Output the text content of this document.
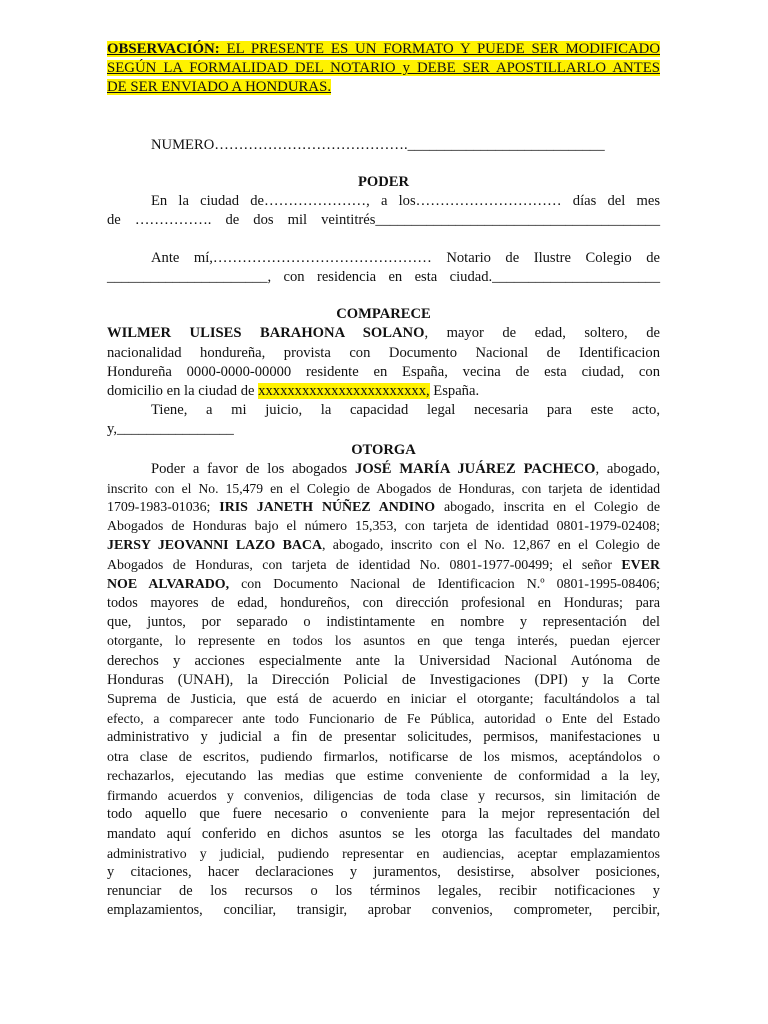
OBSERVACIÓN: EL PRESENTE ES UN FORMATO Y PUEDE SER MODIFICADO
SEGÚN LA FORMALIDAD DEL NOTARIO y DEBE SER APOSTILLARLO ANTES
DE SER ENVIADO A HONDURAS.
NUMERO………………………………….___________________________
PODER
En la ciudad de…………………, a los………………………… días del mes
de ……………. de dos mil veintitrés_______________________________________
Ante mí,……………………………………… Notario de Ilustre Colegio de
______________________, con residencia en esta ciudad._______________________
COMPARECE
WILMER ULISES BARAHONA SOLANO, mayor de edad, soltero, de
nacionalidad hondureña, provista con Documento Nacional de Identificacion
Hondureña 0000-0000-00000 residente en España, vecina de esta ciudad, con
domicilio en la ciudad de xxxxxxxxxxxxxxxxxxxxxxx, España.
Tiene, a mi juicio, la capacidad legal necesaria para este acto,
y,________________
OTORGA
Poder a favor de los abogados JOSÉ MARÍA JUÁREZ PACHECO, abogado,
inscrito con el No. 15,479 en el Colegio de Abogados de Honduras, con tarjeta de identidad
1709-1983-01036; IRIS JANETH NÚÑEZ ANDINO abogado, inscrita en el Colegio de
Abogados de Honduras bajo el número 15,353, con tarjeta de identidad 0801-1979-02408;
JERSY JEOVANNI LAZO BACA, abogado, inscrito con el No. 12,867 en el Colegio de
Abogados de Honduras, con tarjeta de identidad No. 0801-1977-00499; el señor EVER
NOE ALVARADO, con Documento Nacional de Identificacion N.º 0801-1995-08406;
todos mayores de edad, hondureños, con dirección profesional en Honduras; para
que, juntos, por separado o indistintamente en nombre y representación del
otorgante, lo represente en todos los asuntos en que tenga interés, puedan ejercer
derechos y acciones especialmente ante la Universidad Nacional Autónoma de
Honduras (UNAH), la Dirección Policial de Investigaciones (DPI) y la Corte
Suprema de Justicia, que está de acuerdo en iniciar el otorgante; facultándolos a tal
efecto, a comparecer ante todo Funcionario de Fe Pública, autoridad o Ente del Estado
administrativo y judicial a fin de presentar solicitudes, permisos, manifestaciones u
otra clase de escritos, pudiendo firmarlos, notificarse de los mismos, aceptándolos o
rechazarlos, ejecutando las medias que estime conveniente de conformidad a la ley,
firmando acuerdos y convenios, diligencias de toda clase y recursos, sin limitación de
todo aquello que fuere necesario o conveniente para la mejor representación del
mandato aquí conferido en dichos asuntos se les otorga las facultades del mandato
administrativo y judicial, pudiendo representar en audiencias, aceptar emplazamientos
y citaciones, hacer declaraciones y juramentos, desistirse, absolver posiciones,
renunciar de los recursos o los términos legales, recibir notificaciones y
emplazamientos, conciliar, transigir, aprobar convenios, comprometer, percibir,
